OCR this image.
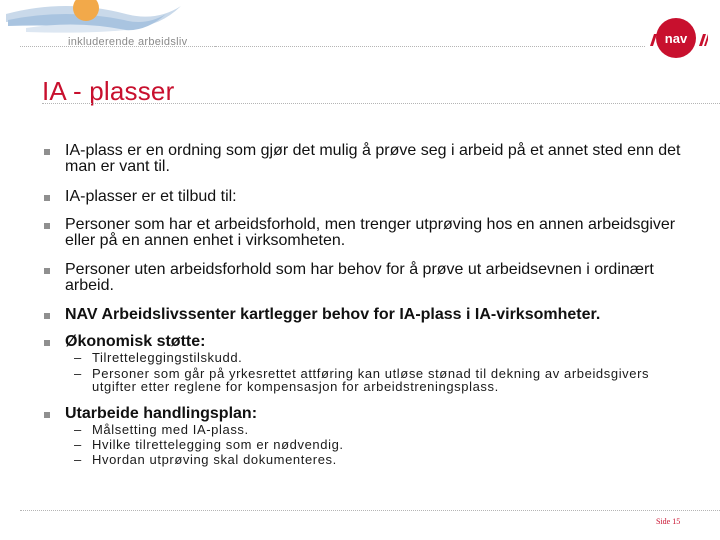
inkluderende arbeidsliv	nav
IA - plasser
IA-plass er en ordning som gjør det mulig å prøve seg i arbeid på et annet sted enn det man er vant til.
IA-plasser er et tilbud til:
Personer som har et arbeidsforhold, men trenger utprøving hos en annen arbeidsgiver eller på en annen enhet i virksomheten.
Personer uten arbeidsforhold som har behov for å prøve ut arbeidsevnen i ordinært arbeid.
NAV Arbeidslivssenter kartlegger behov for IA-plass i IA-virksomheter.
Økonomisk støtte:
– Tilretteleggingstilskudd.
– Personer som går på yrkesrettet attføring kan utløse stønad til dekning av arbeidsgivers utgifter etter reglene for kompensasjon for arbeidstreningsplass.
Utarbeide handlingsplan:
– Målsetting med IA-plass.
– Hvilke tilrettelegging som er nødvendig.
– Hvordan utprøving skal dokumenteres.
Side 15
